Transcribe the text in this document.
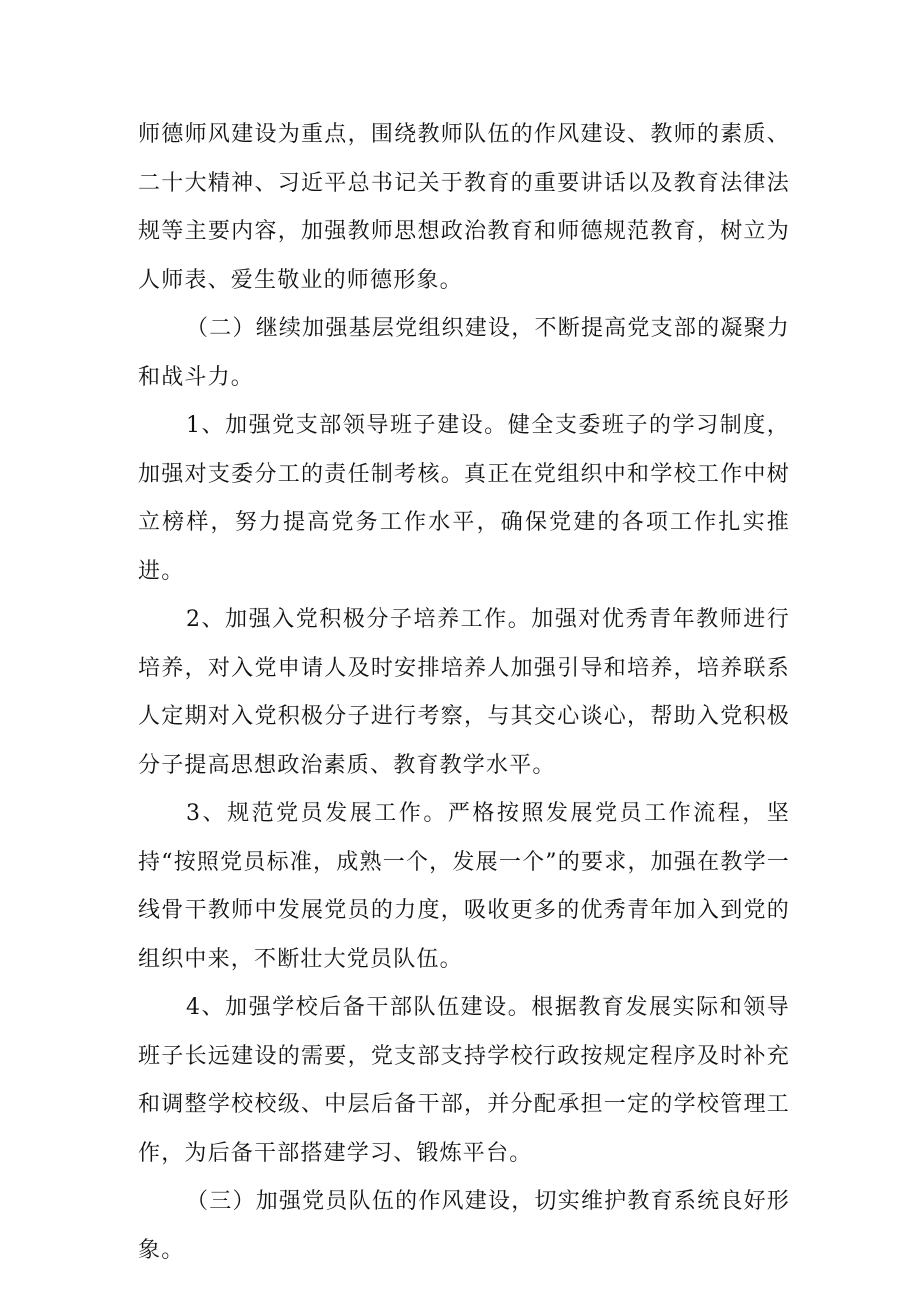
师德师风建设为重点，围绕教师队伍的作风建设、教师的素质、二十大精神、习近平总书记关于教育的重要讲话以及教育法律法规等主要内容，加强教师思想政治教育和师德规范教育，树立为人师表、爱生敬业的师德形象。

（二）继续加强基层党组织建设，不断提高党支部的凝聚力和战斗力。

1、加强党支部领导班子建设。健全支委班子的学习制度，加强对支委分工的责任制考核。真正在党组织中和学校工作中树立榜样，努力提高党务工作水平，确保党建的各项工作扎实推进。

2、加强入党积极分子培养工作。加强对优秀青年教师进行培养，对入党申请人及时安排培养人加强引导和培养，培养联系人定期对入党积极分子进行考察，与其交心谈心，帮助入党积极分子提高思想政治素质、教育教学水平。

3、规范党员发展工作。严格按照发展党员工作流程，坚持“按照党员标准，成熟一个，发展一个”的要求，加强在教学一线骨干教师中发展党员的力度，吸收更多的优秀青年加入到党的组织中来，不断壮大党员队伍。

4、加强学校后备干部队伍建设。根据教育发展实际和领导班子长远建设的需要，党支部支持学校行政按规定程序及时补充和调整学校校级、中层后备干部，并分配承担一定的学校管理工作，为后备干部搭建学习、锻炼平台。

（三）加强党员队伍的作风建设，切实维护教育系统良好形象。
